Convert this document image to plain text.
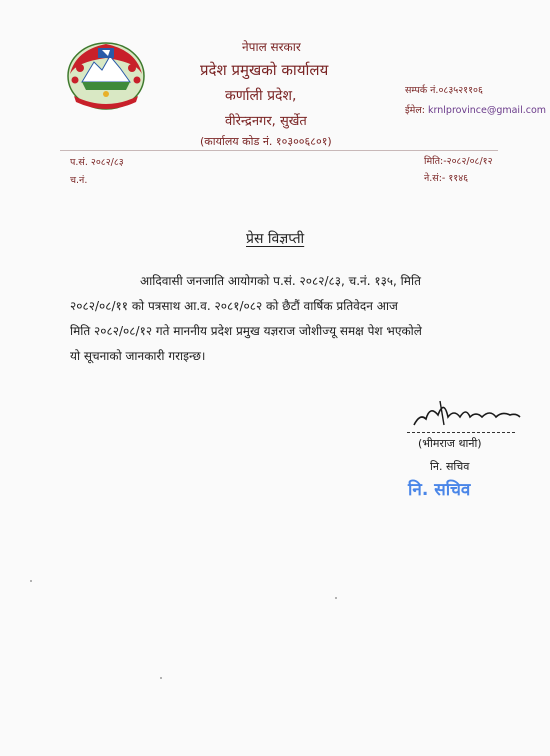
नेपाल सरकार
प्रदेश प्रमुखको कार्यालय
कर्णाली प्रदेश,
वीरेन्द्रनगर, सुर्खेत
(कार्यालय कोड नं. १०३००६८०१)
सम्पर्क नं.०८३५२११०६
ईमेल: krnlprovince@gmail.com
प.सं. २०८२/८३
च.नं.
मिति:-२०८२/०८/१२
ने.सं:- ११४६
प्रेस विज्ञप्ती
आदिवासी जनजाति आयोगको प.सं. २०८२/८३, च.नं. १३५, मिति
२०८२/०८/११ को पत्रसाथ आ.व. २०८१/०८२ को छैटौं वार्षिक प्रतिवेदन आज
मिति २०८२/०८/१२ गते माननीय प्रदेश प्रमुख यज्ञराज जोशीज्यू समक्ष पेश भएकोले
यो सूचनाको जानकारी गराइन्छ।
(भीमराज थानी)
नि. सचिव
नि. सचिव
